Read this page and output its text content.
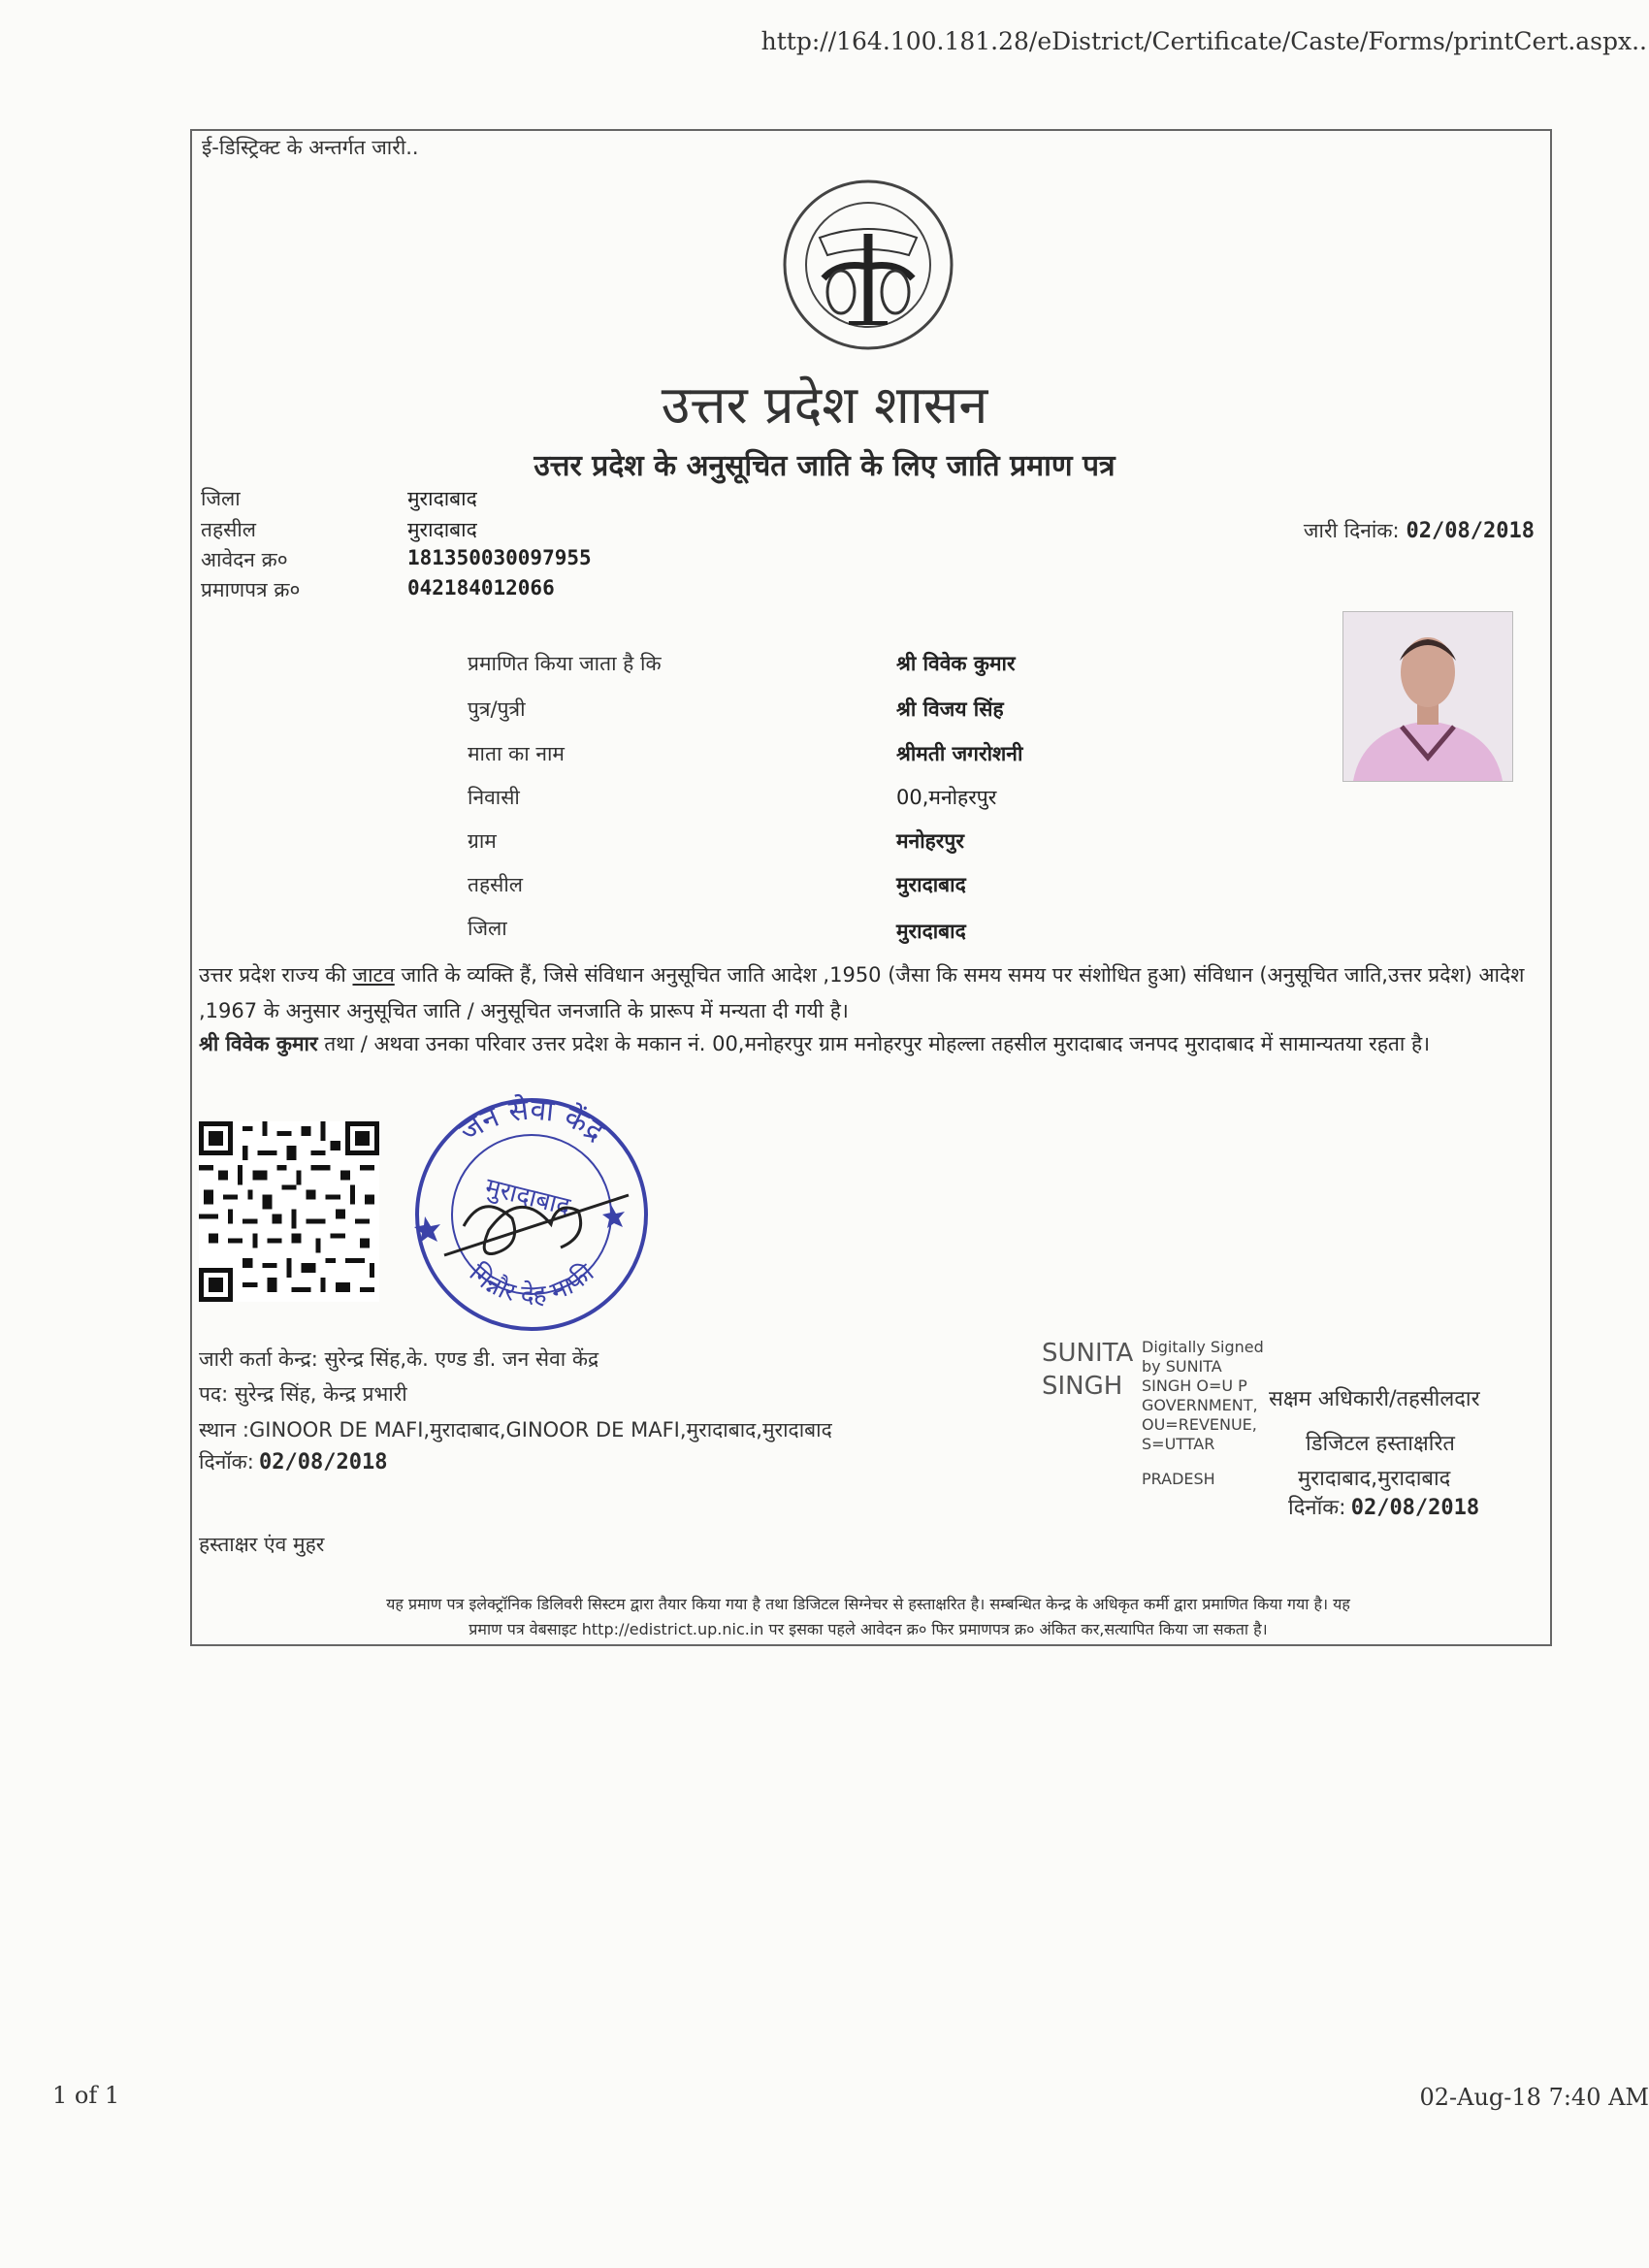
http://164.100.181.28/eDistrict/Certificate/Caste/Forms/printCert.aspx..
1 of 1	02-Aug-18 7:40 AM
ई-डिस्ट्रिक्ट के अन्तर्गत जारी..
उत्तर प्रदेश शासन
उत्तर प्रदेश के अनुसूचित जाति के लिए जाति प्रमाण पत्र
जिला	मुरादाबाद
तहसील	मुरादाबाद
आवेदन क्र०	181350030097955
प्रमाणपत्र क्र०	042184012066
जारी दिनांक: 02/08/2018
प्रमाणित किया जाता है कि	श्री विवेक कुमार
पुत्र/पुत्री	श्री विजय सिंह
माता का नाम	श्रीमती जगरोशनी
निवासी	00,मनोहरपुर
ग्राम	मनोहरपुर
तहसील	मुरादाबाद
जिला	मुरादाबाद
उत्तर प्रदेश राज्य की जाटव जाति के व्यक्ति हैं, जिसे संविधान अनुसूचित जाति आदेश ,1950 (जैसा कि समय समय पर संशोधित हुआ) संविधान (अनुसूचित जाति,उत्तर प्रदेश) आदेश ,1967 के अनुसार अनुसूचित जाति / अनुसूचित जनजाति के प्रारूप में मन्यता दी गयी है।
श्री विवेक कुमार तथा / अथवा उनका परिवार उत्तर प्रदेश के मकान नं. 00,मनोहरपुर ग्राम मनोहरपुर मोहल्ला तहसील मुरादाबाद जनपद मुरादाबाद में सामान्यतया रहता है।
जन सेवा केंद्र
गिन्नौर देह माफी
मुरादाबाद
जारी कर्ता केन्द्र: सुरेन्द्र सिंह,के. एण्ड डी. जन सेवा केंद्र
पद: सुरेन्द्र सिंह, केन्द्र प्रभारी
स्थान :GINOOR DE MAFI,मुरादाबाद,GINOOR DE MAFI,मुरादाबाद,मुरादाबाद
दिनॉक: 02/08/2018
हस्ताक्षर एंव मुहर
SUNITA
SINGH
Digitally Signed
by SUNITA
SINGH O=U P
GOVERNMENT,
OU=REVENUE,
S=UTTAR
PRADESH
सक्षम अधिकारी/तहसीलदार
डिजिटल हस्ताक्षरित
मुरादाबाद,मुरादाबाद
दिनॉक: 02/08/2018
यह प्रमाण पत्र इलेक्ट्रॉनिक डिलिवरी सिस्टम द्वारा तैयार किया गया है तथा डिजिटल सिग्नेचर से हस्ताक्षरित है। सम्बन्धित केन्द्र के अधिकृत कर्मी द्वारा प्रमाणित किया गया है। यह
प्रमाण पत्र वेबसाइट http://edistrict.up.nic.in पर इसका पहले आवेदन क्र० फिर प्रमाणपत्र क्र० अंकित कर,सत्यापित किया जा सकता है।
